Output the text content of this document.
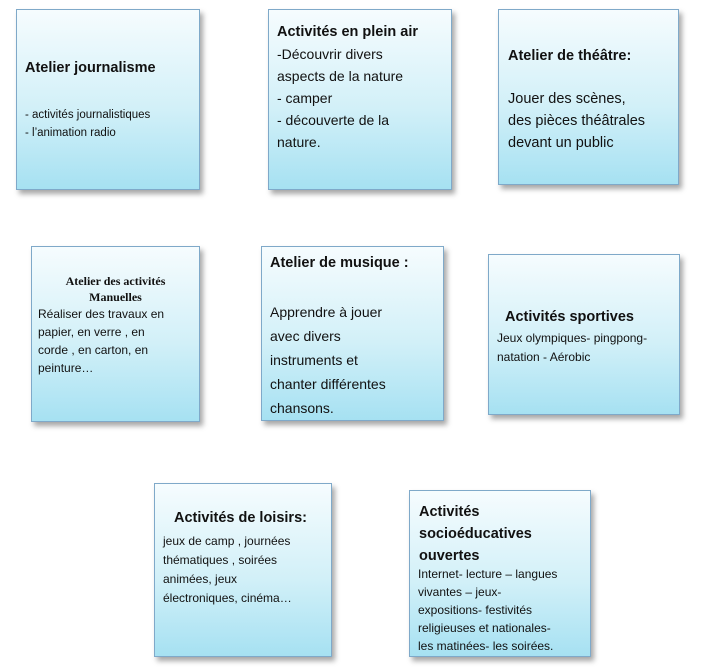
Atelier journalisme
- activités journalistiques
- l’animation radio
Activités en plein air
-Découvrir divers
aspects de la nature
- camper
- découverte de la
nature.
Atelier de théâtre:
Jouer des scènes,
des pièces théâtrales
devant un public
Atelier des activités Manuelles
Réaliser des travaux en
papier, en verre , en
corde , en carton, en
peinture…
Atelier de musique :
Apprendre à jouer
avec divers
instruments et
chanter différentes
chansons.
Activités sportives
Jeux olympiques- pingpong-
natation - Aérobic
Activités de loisirs:
jeux de camp , journées
thématiques , soirées
animées, jeux
électroniques, cinéma…
Activités socioéducatives ouvertes
Internet- lecture – langues
vivantes – jeux-
expositions- festivités
religieuses et nationales-
les matinées- les soirées.
